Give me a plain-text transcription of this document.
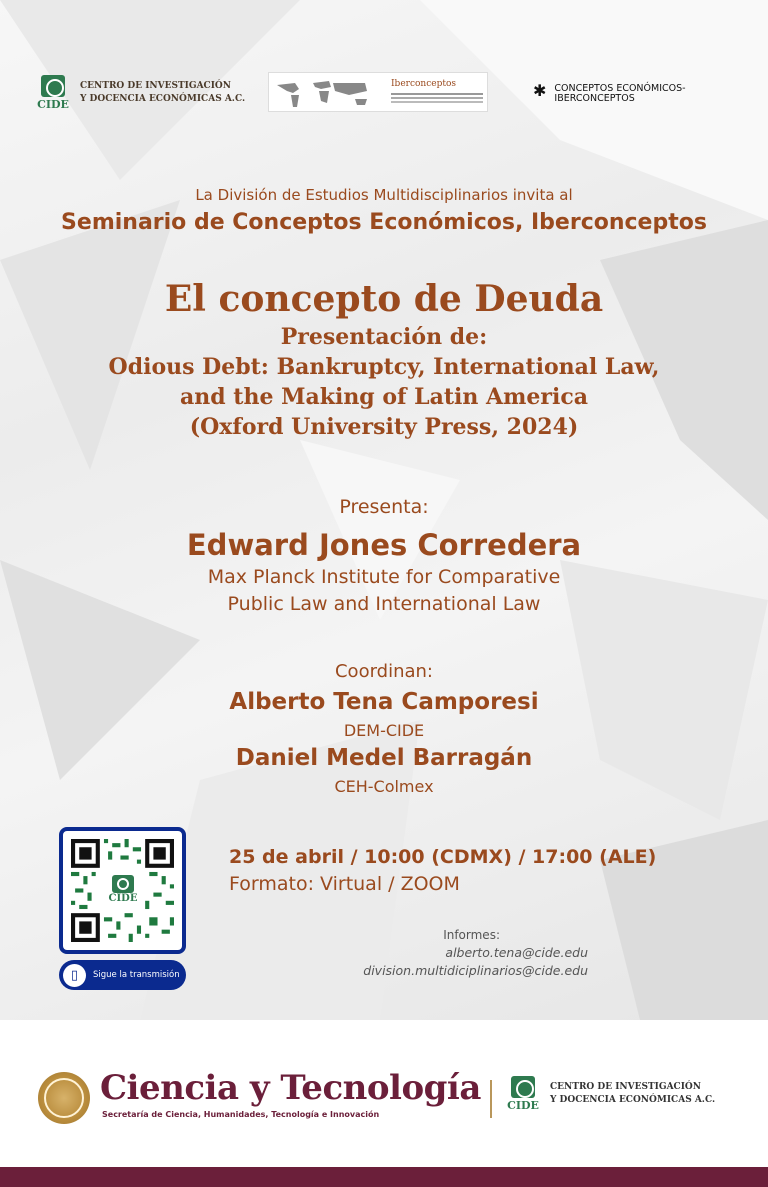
CIDE
CENTRO DE INVESTIGACIÓN
Y DOCENCIA ECONÓMICAS A.C.
Iberconceptos	✱ CONCEPTOS ECONÓMICOS-
IBERCONCEPTOS
La División de Estudios Multidisciplinarios invita al
Seminario de Conceptos Económicos, Iberconceptos
El concepto de Deuda
Presentación de:
Odious Debt: Bankruptcy, International Law,
and the Making of Latin America
(Oxford University Press, 2024)
Presenta:
Edward Jones Corredera
Max Planck Institute for Comparative
Public Law and International Law
Coordinan:
Alberto Tena Camporesi
DEM-CIDE
Daniel Medel Barragán
CEH-Colmex
CIDE
▯	Sigue la transmisión
25 de abril / 10:00 (CDMX) / 17:00 (ALE)
Formato: Virtual / ZOOM
Informes:
alberto.tena@cide.edu
division.multidiciplinarios@cide.edu
Ciencia y Tecnología
Secretaría de Ciencia, Humanidades, Tecnología e Innovación
CIDE
CENTRO DE INVESTIGACIÓN
Y DOCENCIA ECONÓMICAS A.C.
